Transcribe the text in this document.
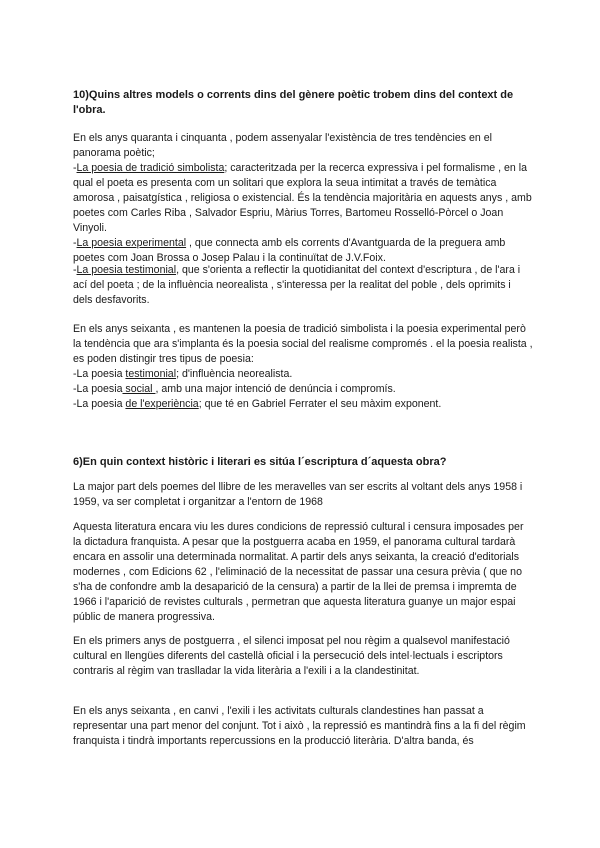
10)Quins altres models o corrents dins del gènere poètic trobem dins del context de l'obra.

En els anys quaranta i cinquanta , podem assenyalar l'existència de tres tendències en el panorama poètic;

-La poesia de tradició simbolista; caracteritzada per la recerca expressiva i pel formalisme , en la qual el poeta es presenta com un solitari que explora la seua intimitat a través de temàtica amorosa , paisatgística , religiosa o existencial. És la tendència majoritària en aquests anys , amb poetes com Carles Riba , Salvador Espriu, Màrius Torres, Bartomeu Rosselló-Pòrcel o Joan Vinyoli.

-La poesia experimental , que connecta amb els corrents d'Avantguarda de la preguera amb poetes com Joan Brossa o Josep Palau i la continuïtat de J.V.Foix.

-La poesia testimonial, que s'orienta a reflectir la quotidianitat del context d'escriptura , de l'ara i ací del poeta ; de la influència neorealista , s'interessa per la realitat del poble , dels oprimits i dels desfavorits.

En els anys seixanta , es mantenen la poesia de tradició simbolista i la poesia experimental però la tendència que ara s'implanta és la poesia social del realisme compromés . el la poesia realista , es poden distingir tres tipus de poesia:

-La poesia testimonial; d'influència neorealista.

-La poesia social , amb una major intenció de denúncia i compromís.

-La poesia de l'experiència; que té en Gabriel Ferrater el seu màxim exponent.

6)En quin context històric i literari es sitúa l´escriptura d´aquesta obra?

La major part dels poemes del llibre de les meravelles van ser escrits al voltant dels anys 1958 i 1959, va ser completat i organitzar a l'entorn de 1968

Aquesta literatura encara viu les dures condicions de repressió cultural i censura imposades per la dictadura franquista. A pesar que la postguerra acaba en 1959, el panorama cultural tardarà encara en assolir una determinada normalitat. A partir dels anys seixanta, la creació d'editorials modernes , com Edicions 62 , l'eliminació de la necessitat de passar una cesura prèvia ( que no s'ha de confondre amb la desaparició de la censura) a partir de la llei de premsa i impremta de 1966 i l'aparició de revistes culturals , permetran que aquesta literatura guanye un major espai públic de manera progressiva.

En els primers anys de postguerra , el silenci imposat pel nou règim a qualsevol manifestació cultural en llengües diferents del castellà oficial i la persecució dels intel·lectuals i escriptors contraris al règim van traslladar la vida literària a l'exili i a la clandestinitat.

En els anys seixanta , en canvi , l'exili i les activitats culturals clandestines han passat a representar una part menor del conjunt. Tot i això , la repressió es mantindrà fins a la fi del règim franquista i tindrà importants repercussions en la producció literària. D'altra banda, és
